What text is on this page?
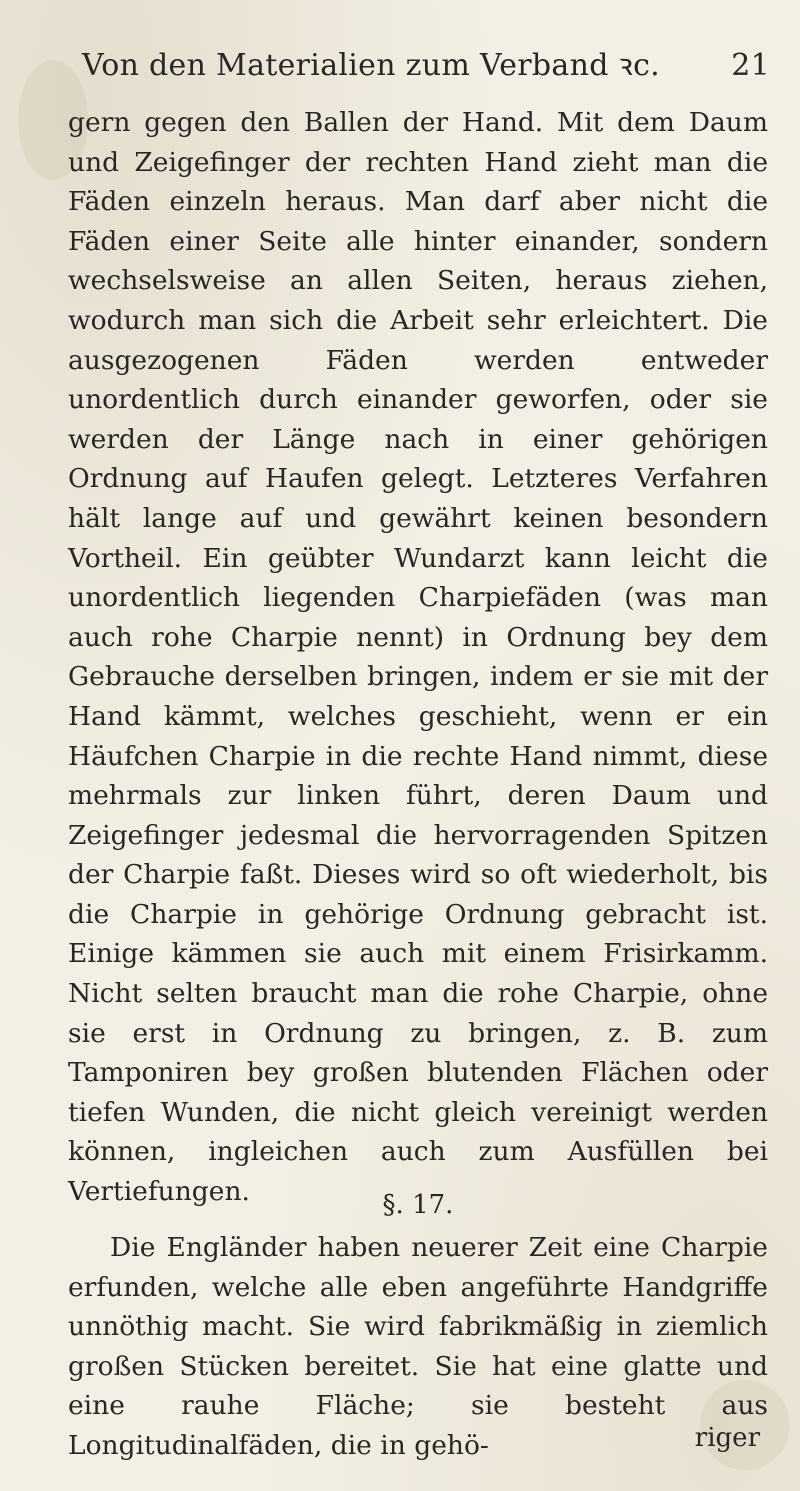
Von den Materialien zum Verband ꝛc. 21

gern gegen den Ballen der Hand. Mit dem Daum und Zeigefinger der rechten Hand zieht man die Fäden einzeln heraus. Man darf aber nicht die Fäden einer Seite alle hinter einander, sondern wechselsweise an allen Seiten, heraus ziehen, wodurch man sich die Arbeit sehr erleichtert. Die ausgezogenen Fäden werden entweder unordentlich durch einander geworfen, oder sie werden der Länge nach in einer gehörigen Ordnung auf Haufen gelegt. Letzteres Verfahren hält lange auf und gewährt keinen besondern Vortheil. Ein geübter Wundarzt kann leicht die unordentlich liegenden Charpiefäden (was man auch rohe Charpie nennt) in Ordnung bey dem Gebrauche derselben bringen, indem er sie mit der Hand kämmt, welches geschieht, wenn er ein Häufchen Charpie in die rechte Hand nimmt, diese mehrmals zur linken führt, deren Daum und Zeigefinger jedesmal die hervorragenden Spitzen der Charpie faßt. Dieses wird so oft wiederholt, bis die Charpie in gehörige Ordnung gebracht ist. Einige kämmen sie auch mit einem Frisirkamm. Nicht selten braucht man die rohe Charpie, ohne sie erst in Ordnung zu bringen, z. B. zum Tamponiren bey großen blutenden Flächen oder tiefen Wunden, die nicht gleich vereinigt werden können, ingleichen auch zum Ausfüllen bei Vertiefungen.	§. 17.

Die Engländer haben neuerer Zeit eine Charpie erfunden, welche alle eben angeführte Handgriffe unnöthig macht. Sie wird fabrikmäßig in ziemlich großen Stücken bereitet. Sie hat eine glatte und eine rauhe Fläche; sie besteht aus Longitudinalfäden, die in gehö-	riger
